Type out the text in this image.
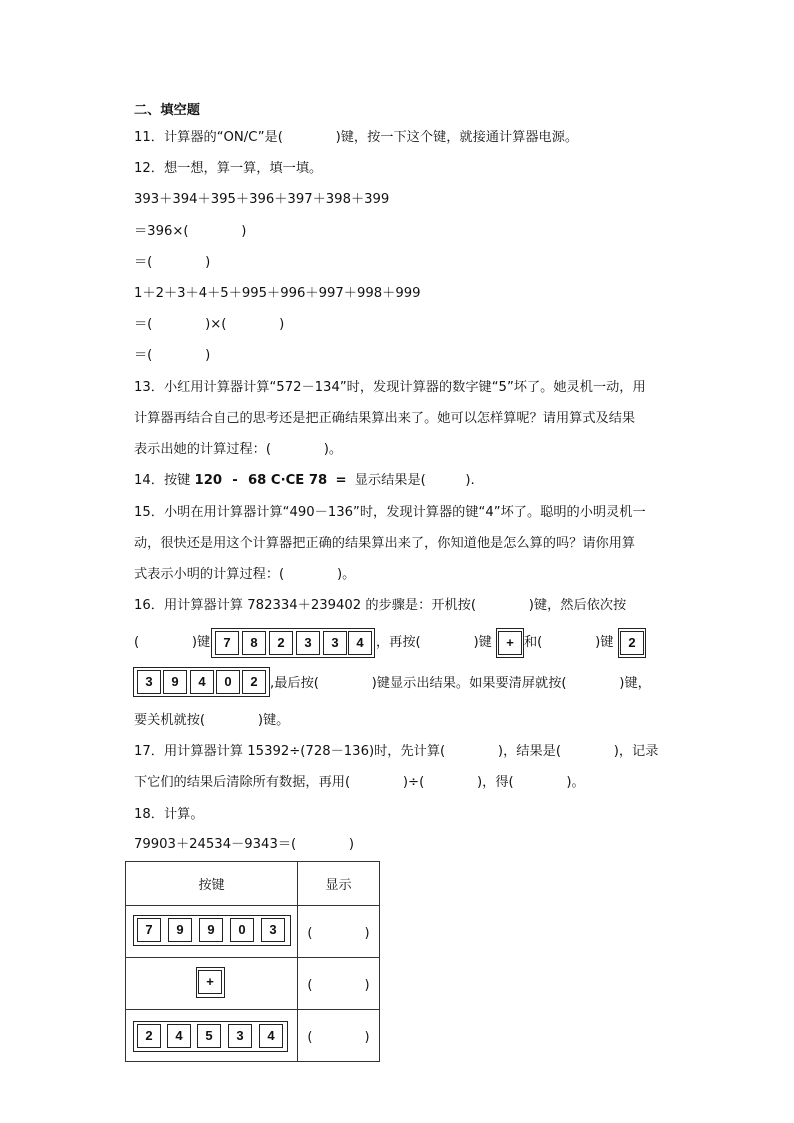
二、填空题
11．计算器的“ON/C”是(　　　　)键，按一下这个键，就接通计算器电源。
12．想一想，算一算，填一填。
393＋394＋395＋396＋397＋398＋399
＝396×(　　　　)
＝(　　　　)
1＋2＋3＋4＋5＋995＋996＋997＋998＋999
＝(　　　　)×(　　　　)
＝(　　　　)
13．小红用计算器计算“572－134”时，发现计算器的数字键“5”坏了。她灵机一动，用
计算器再结合自己的思考还是把正确结果算出来了。她可以怎样算呢？请用算式及结果
表示出她的计算过程：(　　　　)。
14．按键 120 - 68 C·CE 78 = 显示结果是(　　　).
15．小明在用计算器计算“490－136”时，发现计算器的键“4”坏了。聪明的小明灵机一
动，很快还是用这个计算器把正确的结果算出来了，你知道他是怎么算的吗？请你用算
式表示小明的计算过程：(　　　　)。
16．用计算器计算 782334＋239402 的步骤是：开机按(　　　　)键，然后依次按
(　　　　)键	7	8	2	3	3	4 ，再按(　　　　)键	+ 和(　　　　)键	2
3	9	4	0	2 ,最后按(　　　　)键显示出结果。如果要清屏就按(　　　　)键，
要关机就按(　　　　)键。
17．用计算器计算 15392÷(728－136)时，先计算(　　　　)，结果是(　　　　)，记录
下它们的结果后清除所有数据，再用(　　　　)÷(　　　　)，得(　　　　)。
18．计算。
79903＋24534－9343＝(　　　　)
按键	显示

7 9 9 0 3	(　　　　)

+	(　　　　)

2 4 5 3 4	(　　　　)
